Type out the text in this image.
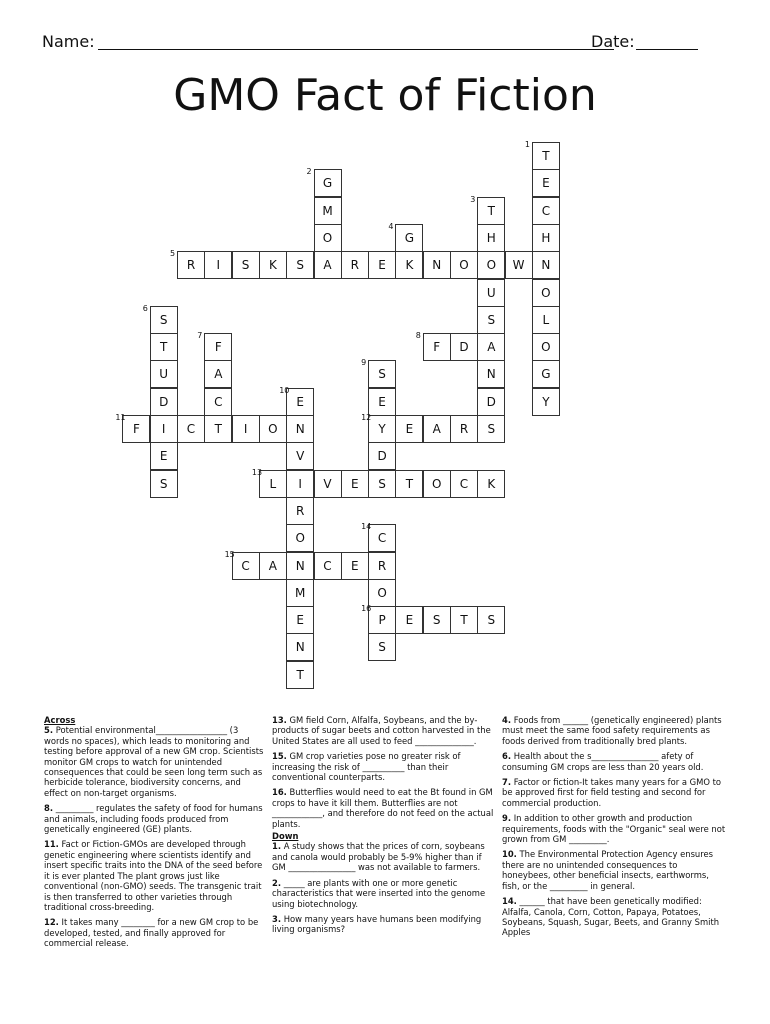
Name:	Date:
GMO Fact of Fiction
1
T
E
C
H
N
O
L
O
G
Y
2
G
M
O
3
T
H
O
U
S
A
N
D
S
4
G
5
R	I	S	K	S	A	R	E	K	N	O	W
6
S
T
U
D
I
E
S
7
F
A
C
8
F	D
9
S
E
D
10
E
N
V
R
O
M
E
N
T
11
F	C	T	I	O
12
Y	E	A	R
13
L	I	V	E	S	T	O	C	K
14
C
O
S
15
C	A	N	C	E	R
16
P	E	S	T	S
Across
5. Potential environmental_________________ (3 words no spaces), which leads to monitoring and testing before approval of a new GM crop. Scientists monitor GM crops to watch for unintended consequences that could be seen long term such as herbicide tolerance, biodiversity concerns, and effect on non-target organisms.
8. _________ regulates the safety of food for humans and animals, including foods produced from genetically engineered (GE) plants.
11. Fact or Fiction-GMOs are developed through genetic engineering where scientists identify and insert specific traits into the DNA of the seed before it is ever planted The plant grows just like conventional (non-GMO) seeds. The transgenic trait is then transferred to other varieties through traditional cross-breeding.
12. It takes many ________ for a new GM crop to be developed, tested, and finally approved for commercial release.
13. GM field Corn, Alfalfa, Soybeans, and the by-products of sugar beets and cotton harvested in the United States are all used to feed ______________.
15. GM crop varieties pose no greater risk of increasing the risk of __________ than their conventional counterparts.
16. Butterflies would need to eat the Bt found in GM crops to have it kill them. Butterflies are not ____________, and therefore do not feed on the actual plants.
Down
1. A study shows that the prices of corn, soybeans and canola would probably be 5-9% higher than if GM ________________ was not available to farmers.
2. _____ are plants with one or more genetic characteristics that were inserted into the genome using biotechnology.
3. How many years have humans been modifying living organisms?
4. Foods from ______ (genetically engineered) plants must meet the same food safety requirements as foods derived from traditionally bred plants.
6. Health about the s________________ afety of consuming GM crops are less than 20 years old.
7. Factor or fiction-It takes many years for a GMO to be approved first for field testing and second for commercial production.
9. In addition to other growth and production requirements, foods with the "Organic" seal were not grown from GM _________.
10. The Environmental Protection Agency ensures there are no unintended consequences to honeybees, other beneficial insects, earthworms, fish, or the _________ in general.
14. ______ that have been genetically modified: Alfalfa, Canola, Corn, Cotton, Papaya, Potatoes, Soybeans, Squash, Sugar, Beets, and Granny Smith Apples
